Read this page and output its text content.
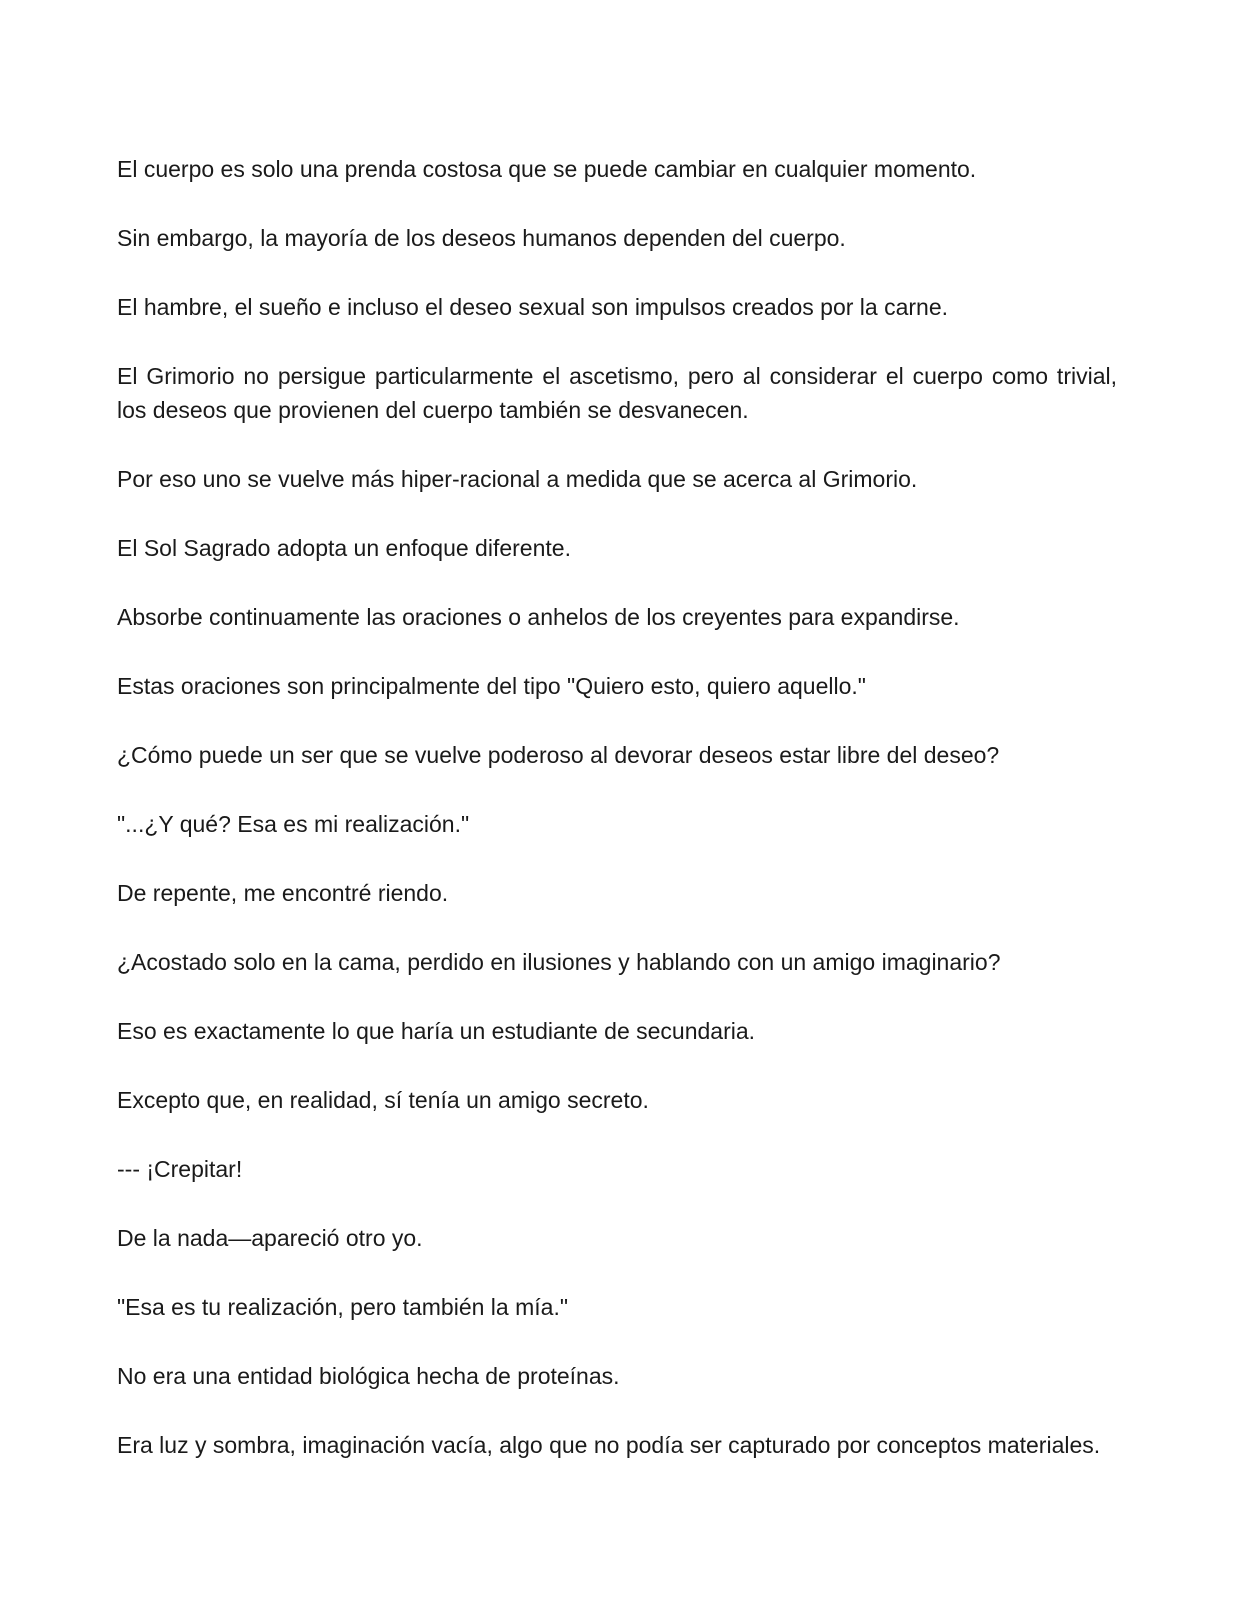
El cuerpo es solo una prenda costosa que se puede cambiar en cualquier momento.

Sin embargo, la mayoría de los deseos humanos dependen del cuerpo.

El hambre, el sueño e incluso el deseo sexual son impulsos creados por la carne.

El Grimorio no persigue particularmente el ascetismo, pero al considerar el cuerpo como trivial, los deseos que provienen del cuerpo también se desvanecen.

Por eso uno se vuelve más hiper-racional a medida que se acerca al Grimorio.

El Sol Sagrado adopta un enfoque diferente.

Absorbe continuamente las oraciones o anhelos de los creyentes para expandirse.

Estas oraciones son principalmente del tipo "Quiero esto, quiero aquello."

¿Cómo puede un ser que se vuelve poderoso al devorar deseos estar libre del deseo?

"...¿Y qué? Esa es mi realización."

De repente, me encontré riendo.

¿Acostado solo en la cama, perdido en ilusiones y hablando con un amigo imaginario?

Eso es exactamente lo que haría un estudiante de secundaria.

Excepto que, en realidad, sí tenía un amigo secreto.

--- ¡Crepitar!

De la nada—apareció otro yo.

"Esa es tu realización, pero también la mía."

No era una entidad biológica hecha de proteínas.

Era luz y sombra, imaginación vacía, algo que no podía ser capturado por conceptos materiales.
